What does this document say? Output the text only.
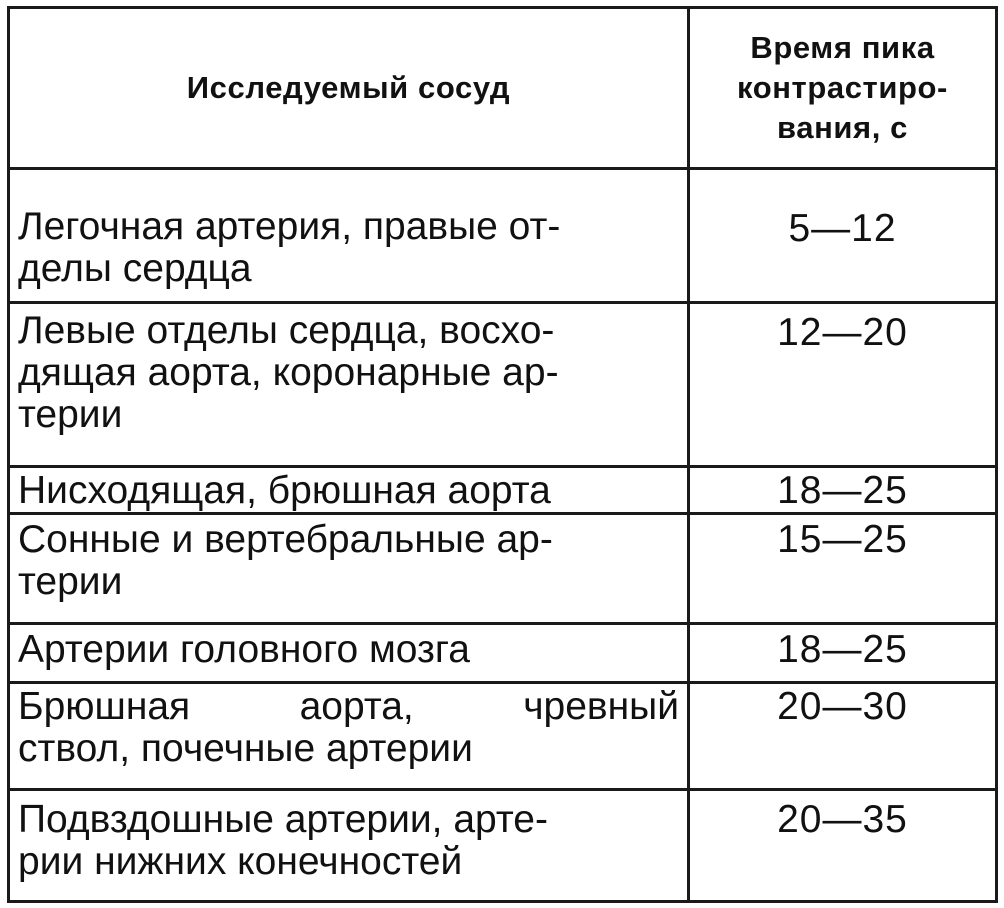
Исследуемый сосуд	Время пика
контрастиро-
вания, с

Легочная артерия, правые от-
делы сердца	5—12

Левые отделы сердца, восхо-
дящая аорта, коронарные ар-
терии	12—20

Нисходящая, брюшная аорта	18—25

Сонные и вертебральные ар-
терии	15—25

Артерии головного мозга	18—25

Брюшная аорта, чревный
ствол, почечные артерии	20—30

Подвздошные артерии, арте-
рии нижних конечностей	20—35
